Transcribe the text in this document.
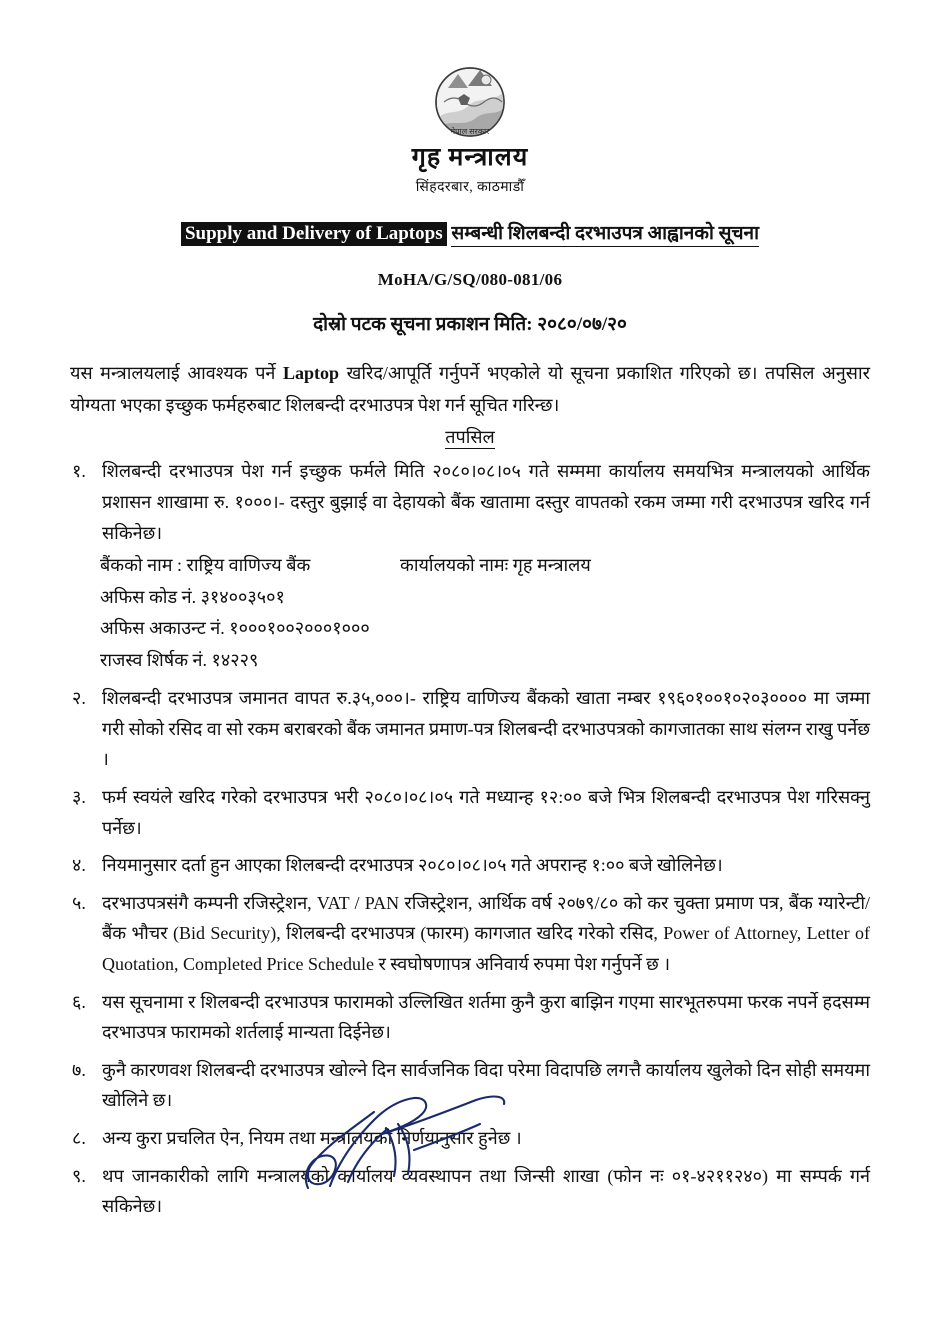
नेपाल सरकार
गृह मन्त्रालय
सिंहदरबार, काठमाडौँ
Supply and Delivery of Laptops सम्बन्धी शिलबन्दी दरभाउपत्र आह्वानको सूचना
MoHA/G/SQ/080-081/06
दोस्रो पटक सूचना प्रकाशन मिति: २०८०/०७/२०
यस मन्त्रालयलाई आवश्यक पर्ने Laptop खरिद/आपूर्ति गर्नुपर्ने भएकोले यो सूचना प्रकाशित गरिएको छ। तपसिल अनुसार योग्यता भएका इच्छुक फर्महरुबाट शिलबन्दी दरभाउपत्र पेश गर्न सूचित गरिन्छ।
तपसिल
१. शिलबन्दी दरभाउपत्र पेश गर्न इच्छुक फर्मले मिति २०८०।०८।०५ गते सम्ममा कार्यालय समयभित्र मन्त्रालयको आर्थिक प्रशासन शाखामा रु. १०००।- दस्तुर बुझाई वा देहायको बैंक खातामा दस्तुर वापतको रकम जम्मा गरी दरभाउपत्र खरिद गर्न सकिनेछ।
बैंकको नाम : राष्ट्रिय वाणिज्य बैंक	कार्यालयको नामः गृह मन्त्रालय
अफिस कोड नं. ३१४००३५०१
अफिस अकाउन्ट नं. १०००१००२०००१०००
राजस्व शिर्षक नं. १४२२९
२. शिलबन्दी दरभाउपत्र जमानत वापत रु.३५,०००।- राष्ट्रिय वाणिज्य बैंकको खाता नम्बर १९६०१००१०२०३०००० मा जम्मा गरी सोको रसिद वा सो रकम बराबरको बैंक जमानत प्रमाण-पत्र शिलबन्दी दरभाउपत्रको कागजातका साथ संलग्न राखु पर्नेछ ।
३. फर्म स्वयंले खरिद गरेको दरभाउपत्र भरी २०८०।०८।०५ गते मध्यान्ह १२:०० बजे भित्र शिलबन्दी दरभाउपत्र पेश गरिसक्नु पर्नेछ।
४. नियमानुसार दर्ता हुन आएका शिलबन्दी दरभाउपत्र २०८०।०८।०५ गते अपरान्ह १:०० बजे खोलिनेछ।
५. दरभाउपत्रसंगै कम्पनी रजिस्ट्रेशन, VAT / PAN रजिस्ट्रेशन, आर्थिक वर्ष २०७९/८० को कर चुक्ता प्रमाण पत्र, बैंक ग्यारेन्टी/बैंक भौचर (Bid Security), शिलबन्दी दरभाउपत्र (फारम) कागजात खरिद गरेको रसिद, Power of Attorney, Letter of Quotation, Completed Price Schedule र स्वघोषणापत्र अनिवार्य रुपमा पेश गर्नुपर्ने छ ।
६. यस सूचनामा र शिलबन्दी दरभाउपत्र फारामको उल्लिखित शर्तमा कुनै कुरा बाझिन गएमा सारभूतरुपमा फरक नपर्ने हदसम्म दरभाउपत्र फारामको शर्तलाई मान्यता दिईनेछ।
७. कुनै कारणवश शिलबन्दी दरभाउपत्र खोल्ने दिन सार्वजनिक विदा परेमा विदापछि लगत्तै कार्यालय खुलेको दिन सोही समयमा खोलिने छ।
८. अन्य कुरा प्रचलित ऐन, नियम तथा मन्त्रालयको निर्णयानुसार हुनेछ ।
९. थप जानकारीको लागि मन्त्रालयको कार्यालय व्यवस्थापन तथा जिन्सी शाखा (फोन नः ०१-४२११२४०) मा सम्पर्क गर्न सकिनेछ।
